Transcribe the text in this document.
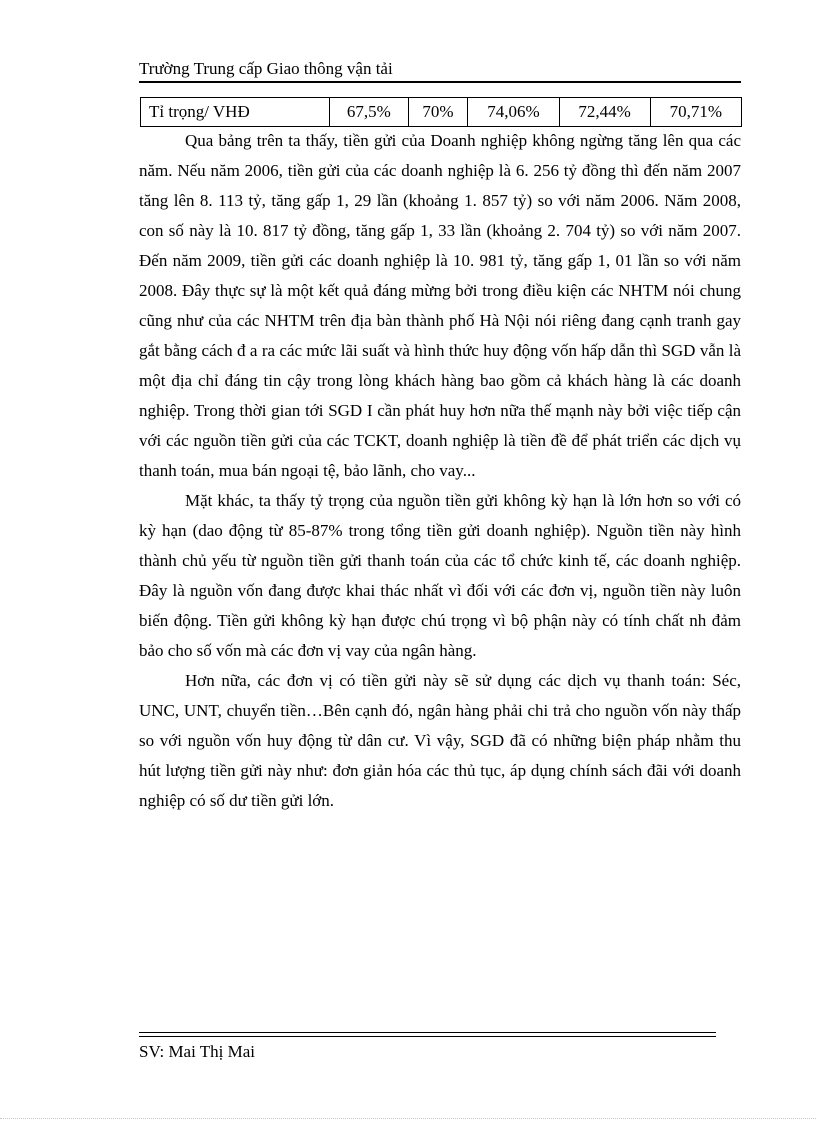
Trường Trung cấp Giao thông vận tải
Tỉ trọng/ VHĐ	67,5%	70%	74,06%	72,44%	70,71%

Qua bảng trên ta thấy, tiền gửi của Doanh nghiệp không ngừng tăng lên qua các năm. Nếu năm 2006, tiền gửi của các doanh nghiệp là 6. 256 tỷ đồng thì đến năm 2007 tăng lên 8. 113 tỷ, tăng gấp 1, 29 lần (khoảng 1. 857 tỷ) so với năm 2006. Năm 2008, con số này là 10. 817 tỷ đồng, tăng gấp 1, 33 lần (khoảng 2. 704 tỷ) so với năm 2007. Đến năm 2009, tiền gửi các doanh nghiệp là 10. 981 tỷ, tăng gấp 1, 01 lần so với năm 2008. Đây thực sự là một kết quả đáng mừng bởi trong điều kiện các NHTM nói chung cũng như của các NHTM trên địa bàn thành phố Hà Nội nói riêng đang cạnh tranh gay gắt bằng cách đ a ra các mức lãi suất và hình thức huy động vốn hấp dẫn thì SGD vẫn là một địa chỉ đáng tin cậy trong lòng khách hàng bao gồm cả khách hàng là các doanh nghiệp. Trong thời gian tới SGD I cần phát huy hơn nữa thế mạnh này bởi việc tiếp cận với các nguồn tiền gửi của các TCKT, doanh nghiệp là tiền đề để phát triển các dịch vụ thanh toán, mua bán ngoại tệ, bảo lãnh, cho vay...

Mặt khác, ta thấy tỷ trọng của nguồn tiền gửi không kỳ hạn là lớn hơn so với có kỳ hạn (dao động từ 85-87% trong tổng tiền gửi doanh nghiệp). Nguồn tiền này hình thành chủ yếu từ nguồn tiền gửi thanh toán của các tổ chức kinh tế, các doanh nghiệp. Đây là nguồn vốn đang được khai thác nhất vì đối với các đơn vị, nguồn tiền này luôn biến động. Tiền gửi không kỳ hạn được chú trọng vì bộ phận này có tính chất nh đảm bảo cho số vốn mà các đơn vị vay của ngân hàng.

Hơn nữa, các đơn vị có tiền gửi này sẽ sử dụng các dịch vụ thanh toán: Séc, UNC, UNT, chuyển tiền…Bên cạnh đó, ngân hàng phải chi trả cho nguồn vốn này thấp so với nguồn vốn huy động từ dân cư. Vì vậy, SGD đã có những biện pháp nhằm thu hút lượng tiền gửi này như: đơn giản hóa các thủ tục, áp dụng chính sách đãi với doanh nghiệp có số dư tiền gửi lớn.

SV: Mai Thị Mai
